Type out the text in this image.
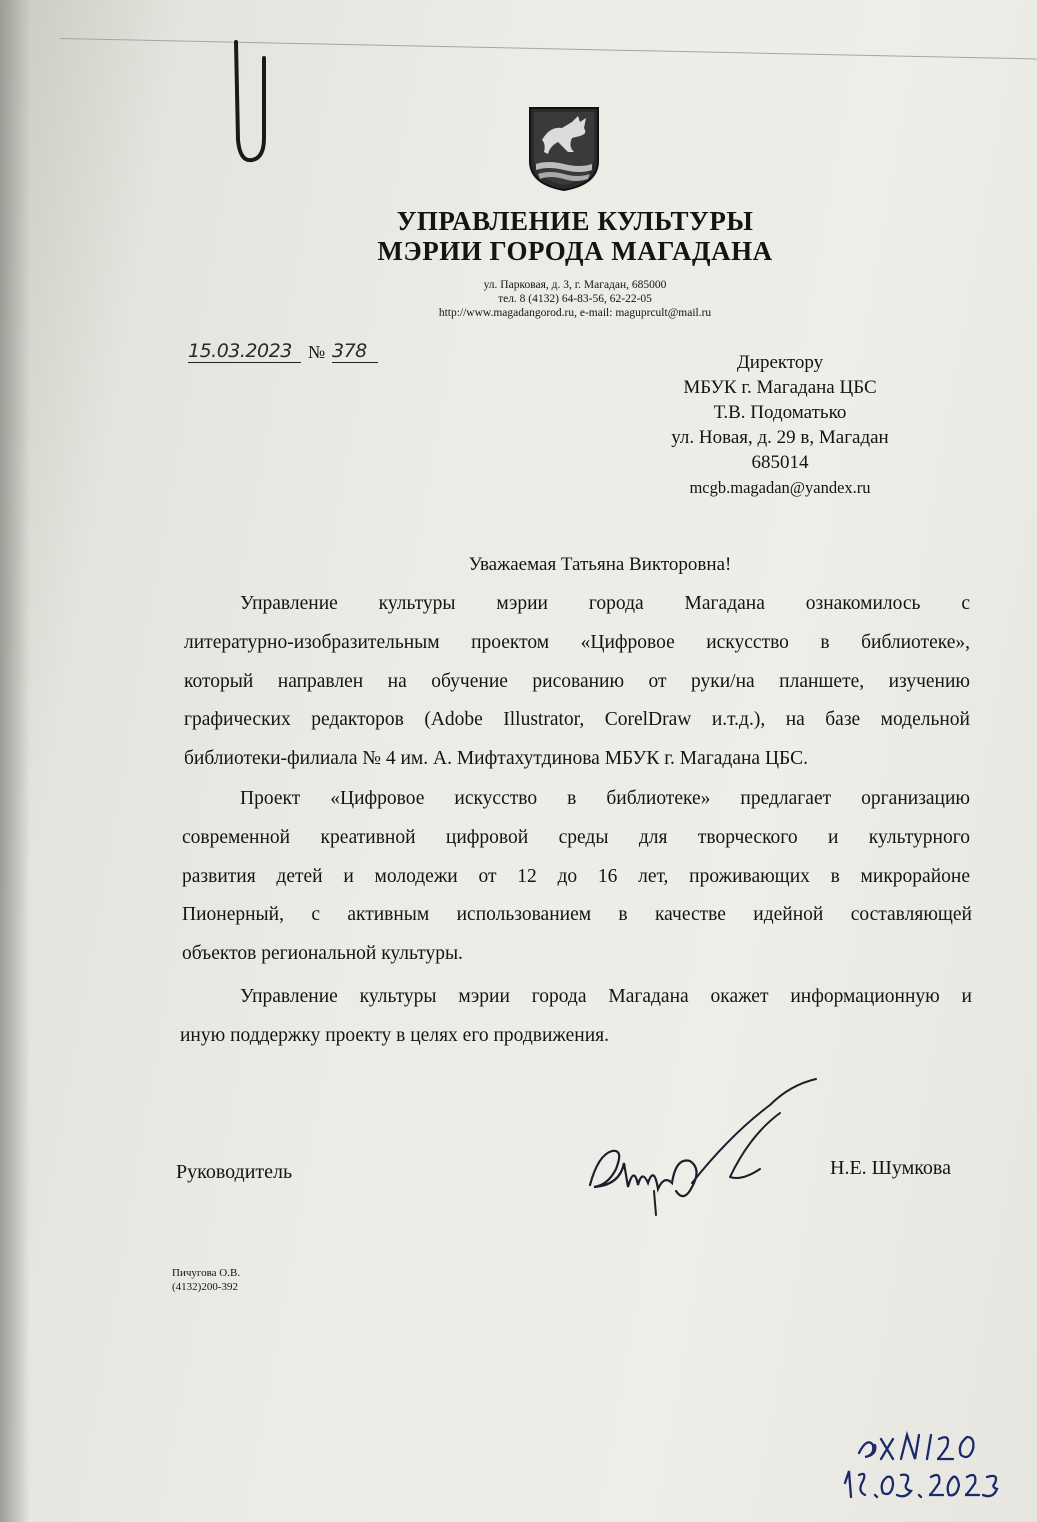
УПРАВЛЕНИЕ КУЛЬТУРЫ
МЭРИИ ГОРОДА МАГАДАНА
ул. Парковая, д. 3, г. Магадан, 685000
тел. 8 (4132) 64-83-56, 62-22-05
http://www.magadangorod.ru, e-mail: maguprcult@mail.ru
15.03.2023 № 378
Директору
МБУК г. Магадана ЦБС
Т.В. Подоматько
ул. Новая, д. 29 в, Магадан
685014
mcgb.magadan@yandex.ru
Уважаемая Татьяна Викторовна!
Управление культуры мэрии города Магадана ознакомилось с
литературно-изобразительным проектом «Цифровое искусство в библиотеке»,
который направлен на обучение рисованию от руки/на планшете, изучению
графических редакторов (Adobe Illustrator, CorelDraw и.т.д.), на базе модельной
библиотеки-филиала № 4 им. А. Мифтахутдинова МБУК г. Магадана ЦБС.
Проект «Цифровое искусство в библиотеке» предлагает организацию
современной креативной цифровой среды для творческого и культурного
развития детей и молодежи от 12 до 16 лет, проживающих в микрорайоне
Пионерный, с активным использованием в качестве идейной составляющей
объектов региональной культуры.
Управление культуры мэрии города Магадана окажет информационную и
иную поддержку проекту в целях его продвижения.
Руководитель	Н.Е. Шумкова
Пичугова О.В.
(4132)200-392
